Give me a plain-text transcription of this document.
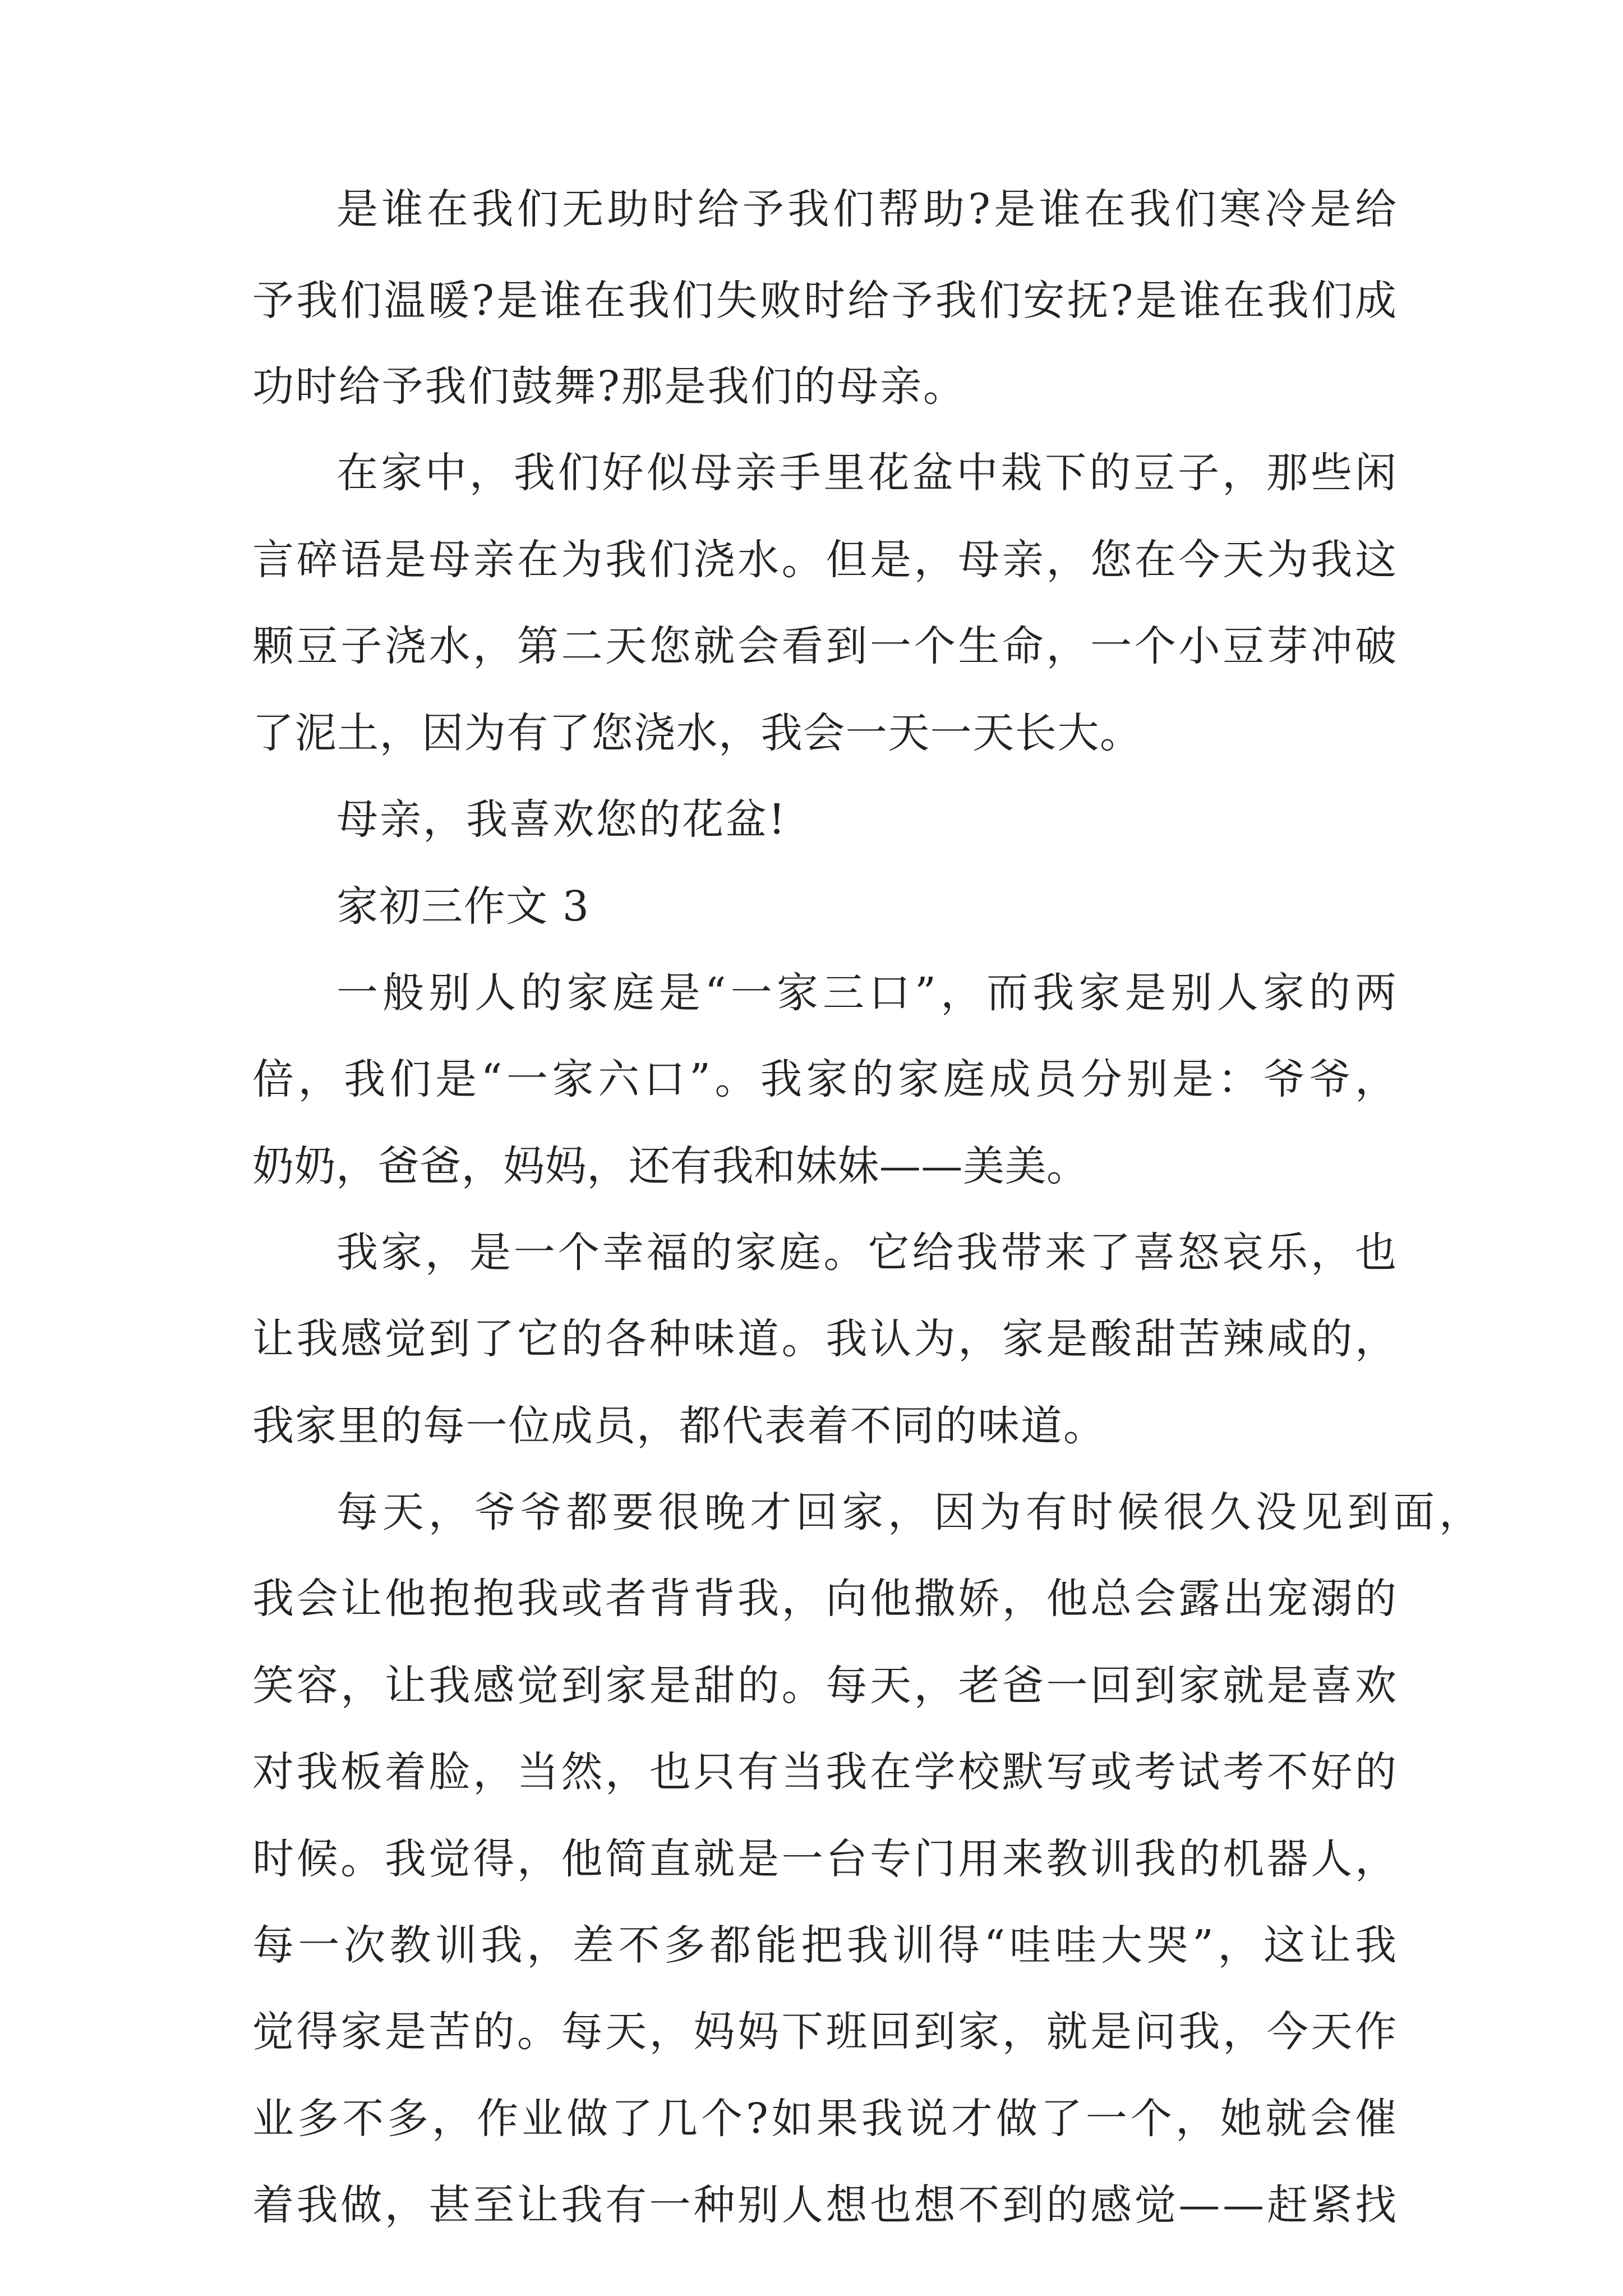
是谁在我们无助时给予我们帮助?是谁在我们寒冷是给
予我们温暖?是谁在我们失败时给予我们安抚?是谁在我们成
功时给予我们鼓舞?那是我们的母亲。
在家中，我们好似母亲手里花盆中栽下的豆子，那些闲
言碎语是母亲在为我们浇水。但是，母亲，您在今天为我这
颗豆子浇水，第二天您就会看到一个生命，一个小豆芽冲破
了泥土，因为有了您浇水，我会一天一天长大。
母亲，我喜欢您的花盆!
家初三作文 3
一般别人的家庭是“一家三口”，而我家是别人家的两
倍，我们是“一家六口”。我家的家庭成员分别是：爷爷，
奶奶，爸爸，妈妈，还有我和妹妹——美美。
我家，是一个幸福的家庭。它给我带来了喜怒哀乐，也
让我感觉到了它的各种味道。我认为，家是酸甜苦辣咸的，
我家里的每一位成员，都代表着不同的味道。
每天，爷爷都要很晚才回家，因为有时候很久没见到面，
我会让他抱抱我或者背背我，向他撒娇，他总会露出宠溺的
笑容，让我感觉到家是甜的。每天，老爸一回到家就是喜欢
对我板着脸，当然，也只有当我在学校默写或考试考不好的
时候。我觉得，他简直就是一台专门用来教训我的机器人，
每一次教训我，差不多都能把我训得“哇哇大哭”，这让我
觉得家是苦的。每天，妈妈下班回到家，就是问我，今天作
业多不多，作业做了几个?如果我说才做了一个，她就会催
着我做，甚至让我有一种别人想也想不到的感觉——赶紧找
